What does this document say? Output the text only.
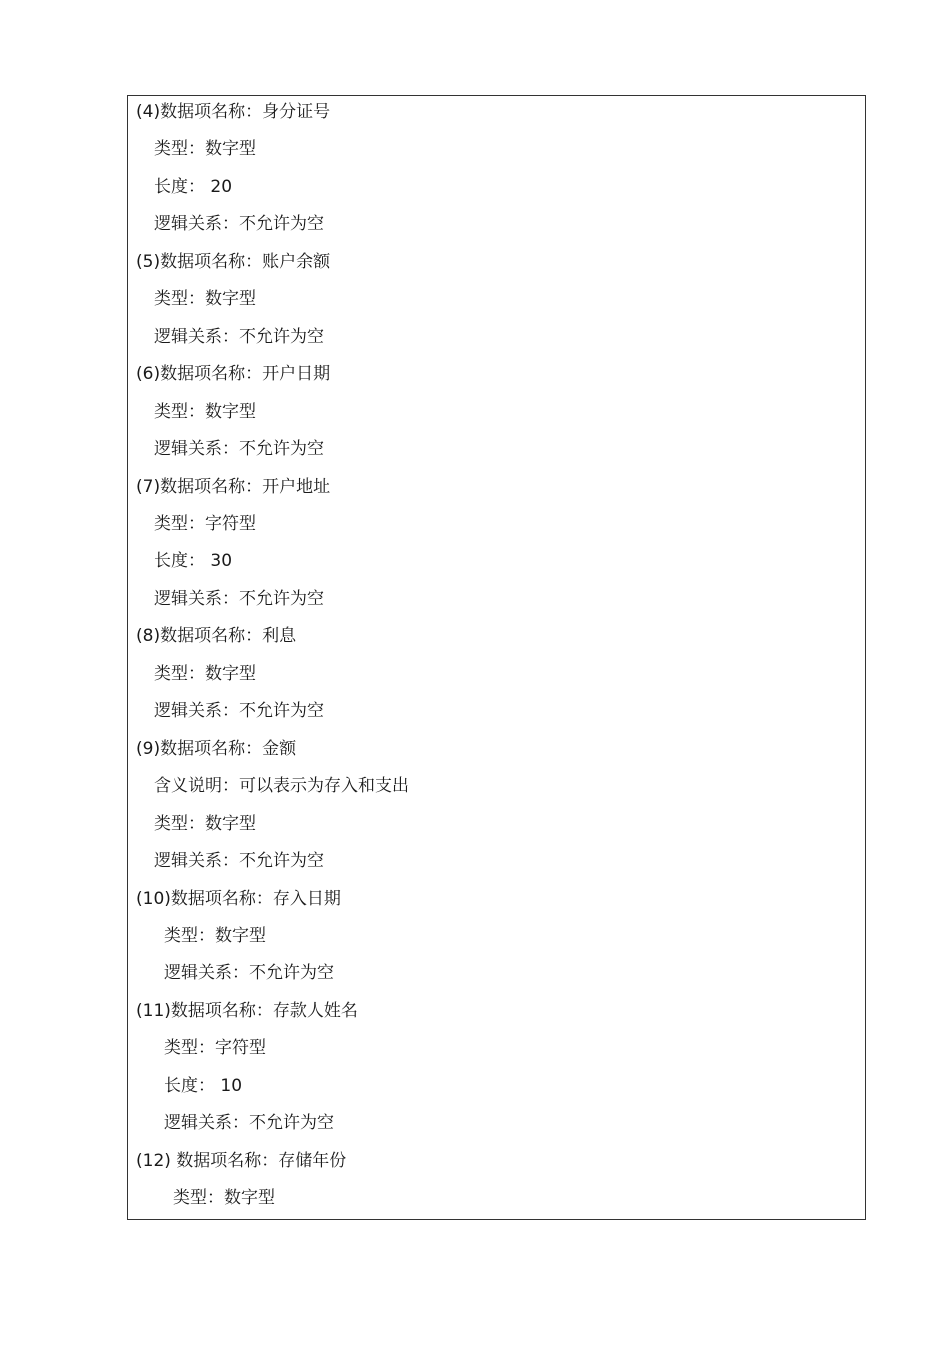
(4)数据项名称：身分证号
类型：数字型
长度： 20
逻辑关系：不允许为空
(5)数据项名称：账户余额
类型：数字型
逻辑关系：不允许为空
(6)数据项名称：开户日期
类型：数字型
逻辑关系：不允许为空
(7)数据项名称：开户地址
类型：字符型
长度： 30
逻辑关系：不允许为空
(8)数据项名称：利息
类型：数字型
逻辑关系：不允许为空
(9)数据项名称：金额
含义说明：可以表示为存入和支出
类型：数字型
逻辑关系：不允许为空
(10)数据项名称：存入日期
类型：数字型
逻辑关系：不允许为空
(11)数据项名称：存款人姓名
类型：字符型
长度： 10
逻辑关系：不允许为空
(12) 数据项名称：存储年份
类型：数字型
